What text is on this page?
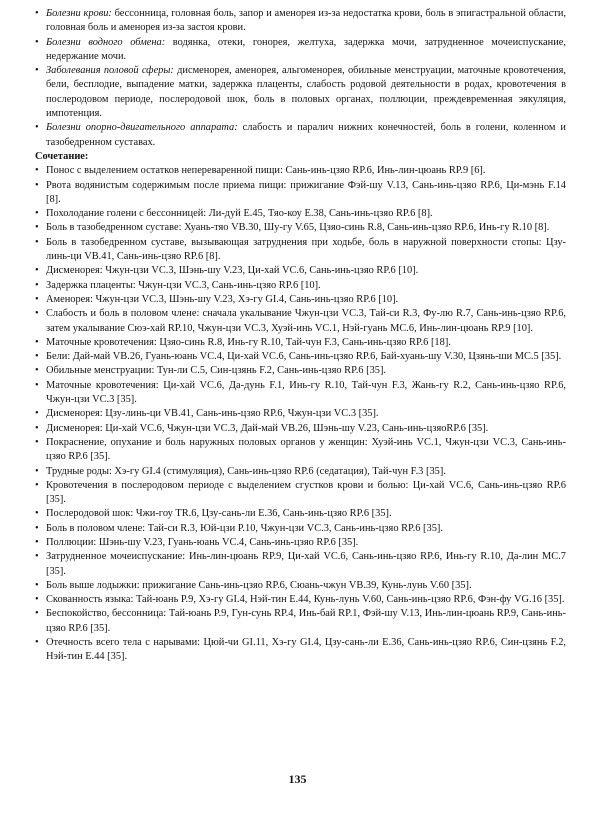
• Болезни крови: бессонница, головная боль, запор и аменорея из-за недостатка крови, боль в эпигастральной области, головная боль и аменорея из-за застоя крови.
• Болезни водного обмена: водянка, отеки, гонорея, желтуха, задержка мочи, затрудненное мочеиспускание, недержание мочи.
• Заболевания половой сферы: дисменорея, аменорея, альгоменорея, обильные менструации, маточные кровотечения, бели, бесплодие, выпадение матки, задержка плаценты, слабость родовой деятельности в родах, кровотечения в послеродовом периоде, послеродовой шок, боль в половых органах, поллюции, преждевременная эякуляция, импотенция.
• Болезни опорно-двигательного аппарата: слабость и паралич нижних конечностей, боль в голени, коленном и тазобедренном суставах.
Сочетание:
• Понос с выделением остатков непереваренной пищи: Сань-инь-цзяо RP.6, Инь-лин-цюань RP.9 [6].
• Рвота водянистым содержимым после приема пищи: прижигание Фэй-шу V.13, Сань-инь-цзяо RP.6, Ци-мэнь F.14 [8].
• Похолодание голени с бессонницей: Ли-дуй E.45, Тяо-коу E.38, Сань-инь-цзяо RP.6 [8].
• Боль в тазобедренном суставе: Хуань-тяо VB.30, Шу-гу V.65, Цзяо-синь R.8, Сань-инь-цзяо RP.6, Инь-гу R.10 [8].
• Боль в тазобедренном суставе, вызывающая затруднения при ходьбе, боль в наружной поверхности стопы: Цзу-линь-ци VB.41, Сань-инь-цзяо RP.6 [8].
• Дисменорея: Чжун-цзи VC.3, Шэнь-шу V.23, Ци-хай VC.6, Сань-инь-цзяо RP.6 [10].
• Задержка плаценты: Чжун-цзи VC.3, Сань-инь-цзяо RP.6 [10].
• Аменорея: Чжун-цзи VC.3, Шэнь-шу V.23, Хэ-гу GI.4, Сань-инь-цзяо RP.6 [10].
• Слабость и боль в половом члене: сначала укалывание Чжун-цзи VC.3, Тай-си R.3, Фу-лю R.7, Сань-инь-цзяо RP.6, затем укалывание Сюэ-хай RP.10, Чжун-цзи VC.3, Хуэй-инь VC.1, Нэй-гуань MC.6, Инь-лин-цюань RP.9 [10].
• Маточные кровотечения: Цзяо-синь R.8, Инь-гу R.10, Тай-чун F.3, Сань-инь-цзяо RP.6 [18].
• Бели: Дай-май VB.26, Гуань-юань VC.4, Ци-хай VC.6, Сань-инь-цзяо RP.6, Бай-хуань-шу V.30, Цзянь-ши MC.5 [35].
• Обильные менструации: Тун-ли C.5, Син-цзянь F.2, Сань-инь-цзяо RP.6 [35].
• Маточные кровотечения: Ци-хай VC.6, Да-дунь F.1, Инь-гу R.10, Тай-чун F.3, Жань-гу R.2, Сань-инь-цзяо RP.6, Чжун-цзи VC.3 [35].
• Дисменорея: Цзу-линь-ци VB.41, Сань-инь-цзяо RP.6, Чжун-цзи VC.3 [35].
• Дисменорея: Ци-хай VC.6, Чжун-цзи VC.3, Дай-май VB.26, Шэнь-шу V.23, Сань-инь-цзяоRP.6 [35].
• Покраснение, опухание и боль наружных половых органов у женщин: Хуэй-инь VC.1, Чжун-цзи VC.3, Сань-инь-цзяо RP.6 [35].
• Трудные роды: Хэ-гу GI.4 (стимуляция), Сань-инь-цзяо RP.6 (седатация), Тай-чун F.3 [35].
• Кровотечения в послеродовом периоде с выделением сгустков крови и болью: Ци-хай VC.6, Сань-инь-цзяо RP.6 [35].
• Послеродовой шок: Чжи-гоу TR.6, Цзу-сань-ли E.36, Сань-инь-цзяо RP.6 [35].
• Боль в половом члене: Тай-си R.3, Юй-цзи P.10, Чжун-цзи VC.3, Сань-инь-цзяо RP.6 [35].
• Поллюции: Шэнь-шу V.23, Гуань-юань VC.4, Сань-инь-цзяо RP.6 [35].
• Затрудненное мочеиспускание: Инь-лин-цюань RP.9, Ци-хай VC.6, Сань-инь-цзяо RP.6, Инь-гу R.10, Да-лин MC.7 [35].
• Боль выше лодыжки: прижигание Сань-инь-цзяо RP.6, Сюань-чжун VB.39, Кунь-лунь V.60 [35].
• Скованность языка: Тай-юань P.9, Хэ-гу GI.4, Нэй-тин E.44, Кунь-лунь V.60, Сань-инь-цзяо RP.6, Фэн-фу VG.16 [35].
• Беспокойство, бессонница: Тай-юань P.9, Гун-сунь RP.4, Инь-бай RP.1, Фэй-шу V.13, Инь-лин-цюань RP.9, Сань-инь-цзяо RP.6 [35].
• Отечность всего тела с нарывами: Цюй-чи GI.11, Хэ-гу GI.4, Цзу-сань-ли E.36, Сань-инь-цзяо RP.6, Син-цзянь F.2, Нэй-тин E.44 [35].
135
